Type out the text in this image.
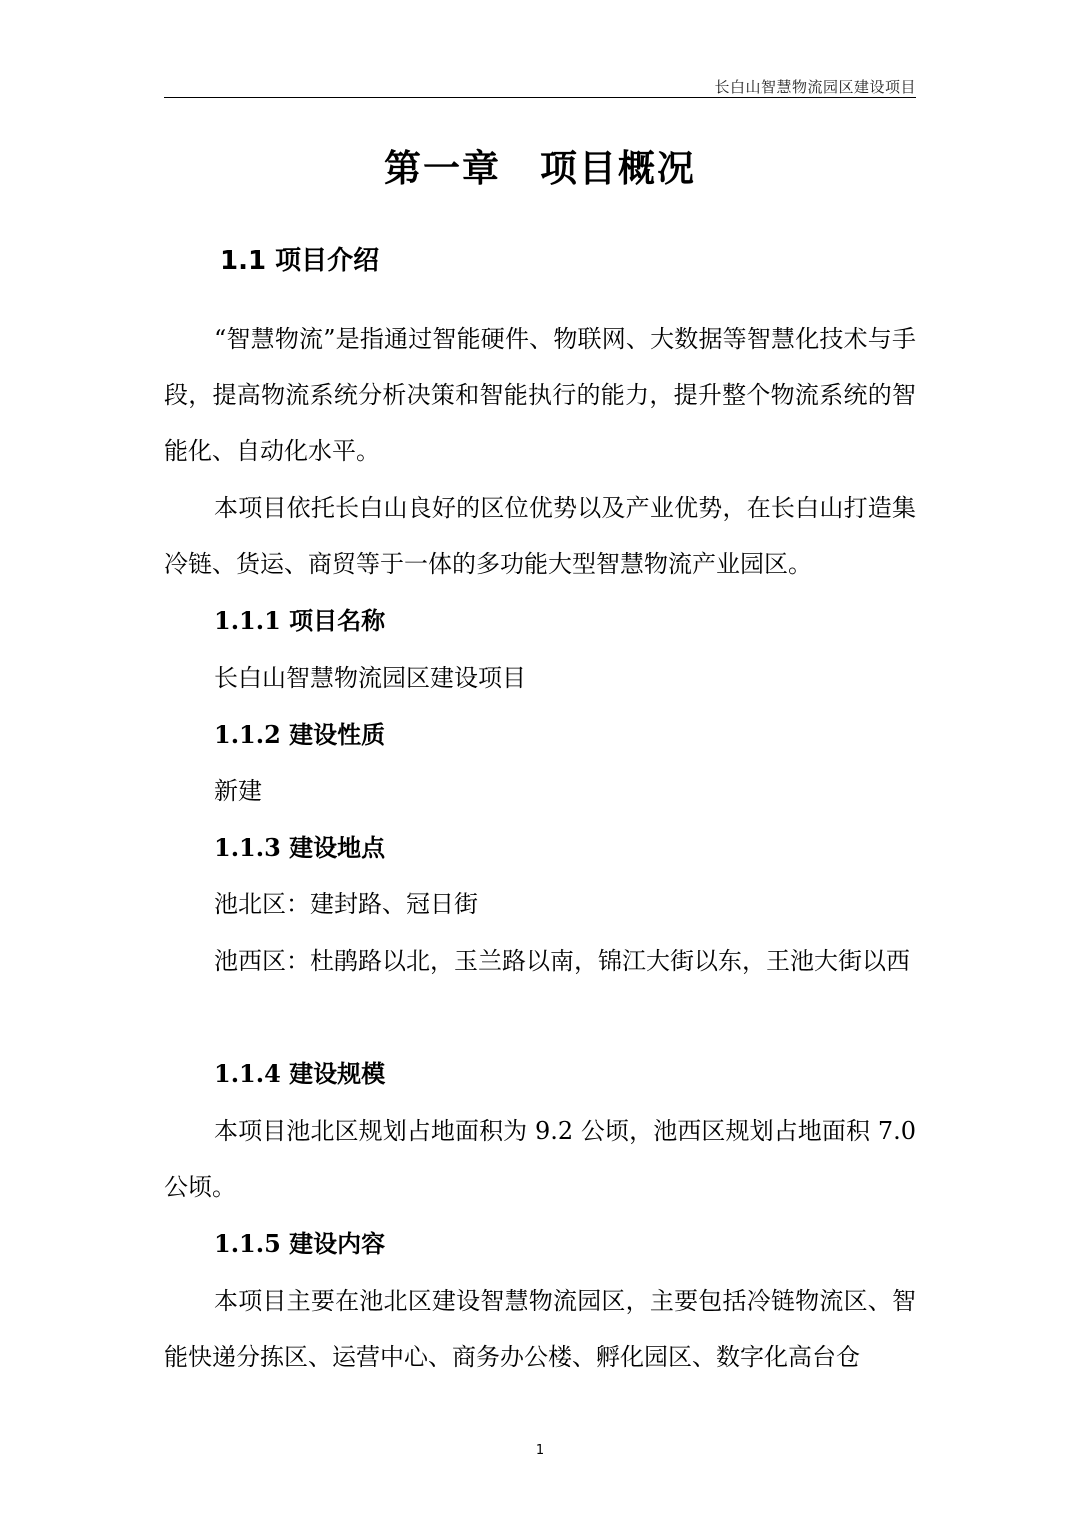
长白山智慧物流园区建设项目
第一章　项目概况
1.1 项目介绍
“智慧物流”是指通过智能硬件、物联网、大数据等智慧化技术与手段，提高物流系统分析决策和智能执行的能力，提升整个物流系统的智能化、自动化水平。
本项目依托长白山良好的区位优势以及产业优势，在长白山打造集冷链、货运、商贸等于一体的多功能大型智慧物流产业园区。
1.1.1 项目名称
长白山智慧物流园区建设项目
1.1.2 建设性质
新建
1.1.3 建设地点
池北区：建封路、冠日街
池西区：杜鹃路以北，玉兰路以南，锦江大街以东，王池大街以西
1.1.4 建设规模
本项目池北区规划占地面积为 9.2 公顷，池西区规划占地面积 7.0 公顷。
1.1.5 建设内容
本项目主要在池北区建设智慧物流园区，主要包括冷链物流区、智能快递分拣区、运营中心、商务办公楼、孵化园区、数字化高台仓
1
